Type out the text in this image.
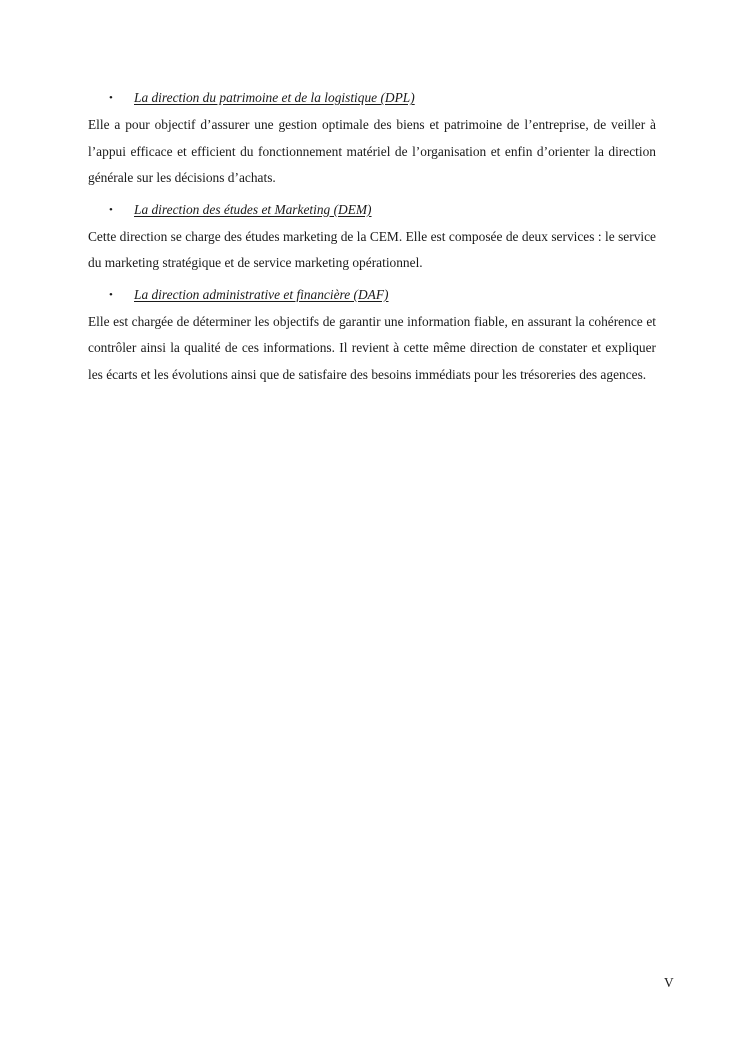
• La direction du patrimoine et de la logistique (DPL)

Elle a pour objectif d’assurer une gestion optimale des biens et patrimoine de l’entreprise, de veiller à l’appui efficace et efficient du fonctionnement matériel de l’organisation et enfin d’orienter la direction générale sur les décisions d’achats.

• La direction des études et Marketing (DEM)

Cette direction se charge des études marketing de la CEM. Elle est composée de deux services : le service du marketing stratégique et de service marketing opérationnel.

• La direction administrative et financière (DAF)

Elle est chargée de déterminer les objectifs de garantir une information fiable, en assurant la cohérence et contrôler ainsi la qualité de ces informations. Il revient à cette même direction de constater et expliquer les écarts et les évolutions ainsi que de satisfaire des besoins immédiats pour les trésoreries des agences.

V
